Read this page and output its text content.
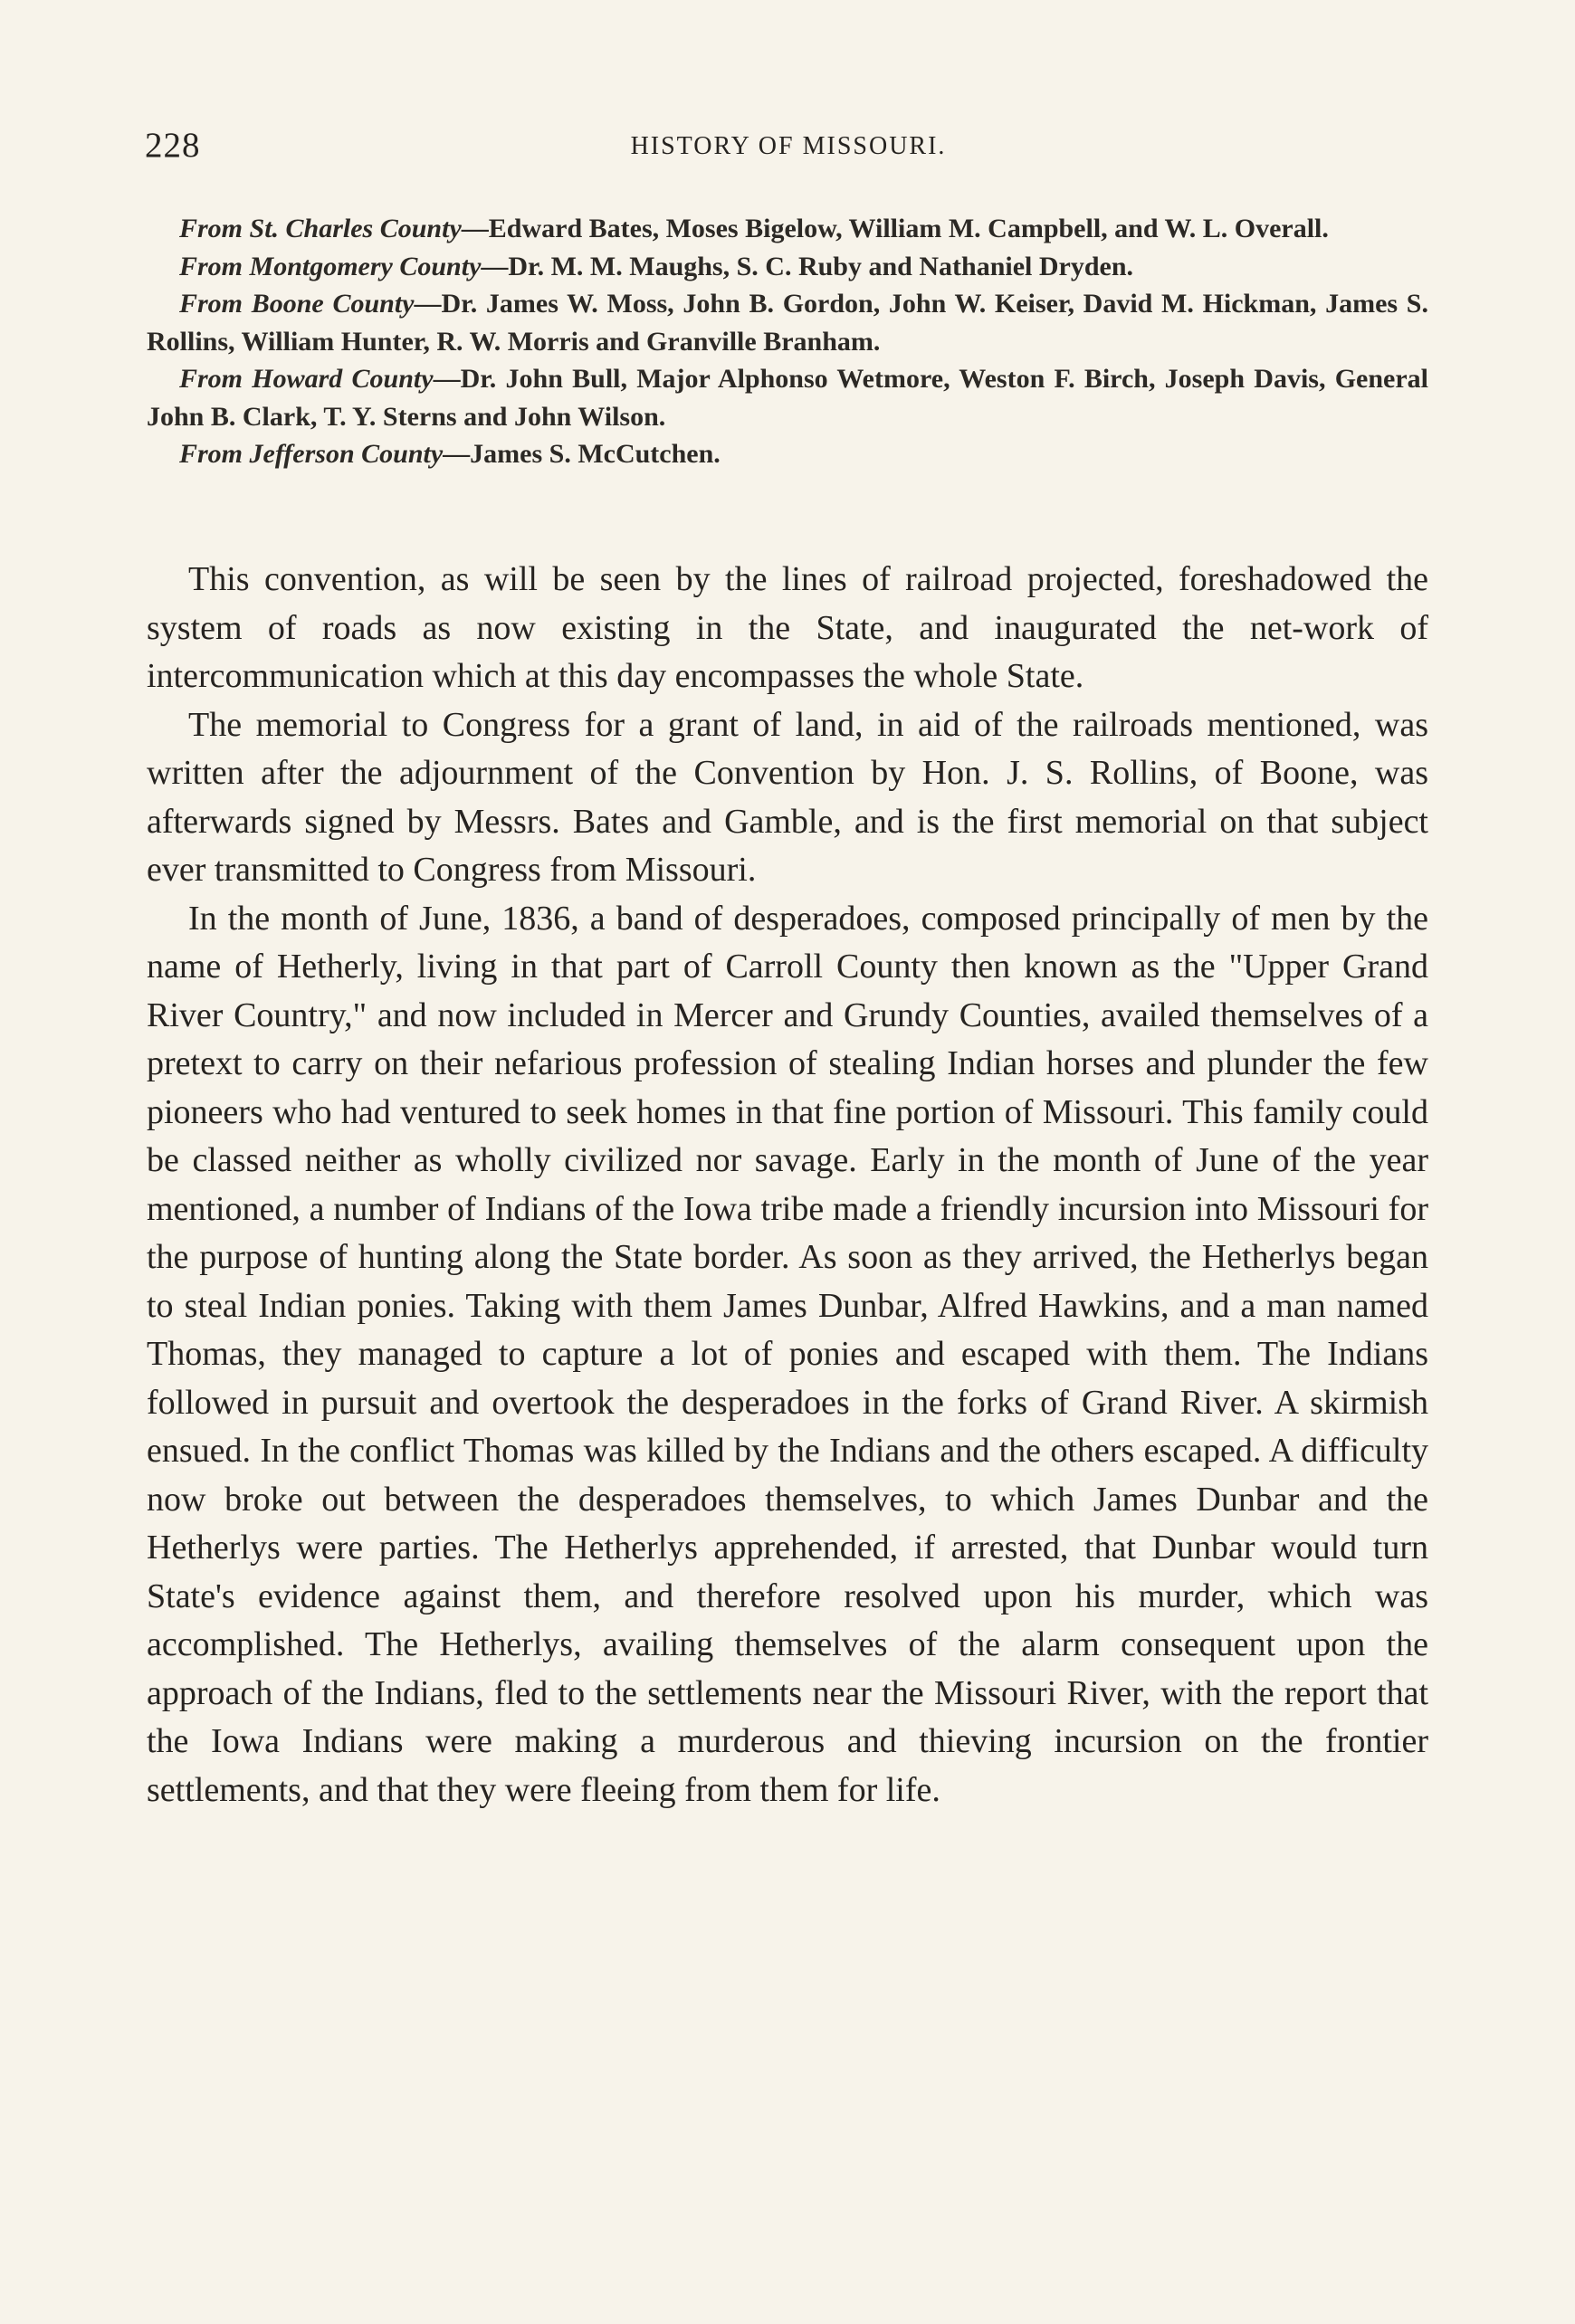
228	HISTORY OF MISSOURI.

From St. Charles County—Edward Bates, Moses Bigelow, William M. Campbell, and W. L. Overall.

From Montgomery County—Dr. M. M. Maughs, S. C. Ruby and Nathaniel Dryden.

From Boone County—Dr. James W. Moss, John B. Gordon, John W. Keiser, David M. Hickman, James S. Rollins, William Hunter, R. W. Morris and Granville Branham.

From Howard County—Dr. John Bull, Major Alphonso Wetmore, Weston F. Birch, Joseph Davis, General John B. Clark, T. Y. Sterns and John Wilson.

From Jefferson County—James S. McCutchen.

This convention, as will be seen by the lines of railroad projected, foreshadowed the system of roads as now existing in the State, and inaugurated the net-work of intercommunication which at this day encompasses the whole State.

The memorial to Congress for a grant of land, in aid of the railroads mentioned, was written after the adjournment of the Convention by Hon. J. S. Rollins, of Boone, was afterwards signed by Messrs. Bates and Gamble, and is the first memorial on that subject ever transmitted to Congress from Missouri.

In the month of June, 1836, a band of desperadoes, composed principally of men by the name of Hetherly, living in that part of Carroll County then known as the "Upper Grand River Country," and now included in Mercer and Grundy Counties, availed themselves of a pretext to carry on their nefarious profession of stealing Indian horses and plunder the few pioneers who had ventured to seek homes in that fine portion of Missouri. This family could be classed neither as wholly civilized nor savage. Early in the month of June of the year mentioned, a number of Indians of the Iowa tribe made a friendly incursion into Missouri for the purpose of hunting along the State border. As soon as they arrived, the Hetherlys began to steal Indian ponies. Taking with them James Dunbar, Alfred Hawkins, and a man named Thomas, they managed to capture a lot of ponies and escaped with them. The Indians followed in pursuit and overtook the desperadoes in the forks of Grand River. A skirmish ensued. In the conflict Thomas was killed by the Indians and the others escaped. A difficulty now broke out between the desperadoes themselves, to which James Dunbar and the Hetherlys were parties. The Hetherlys apprehended, if arrested, that Dunbar would turn State's evidence against them, and therefore resolved upon his murder, which was accomplished. The Hetherlys, availing themselves of the alarm consequent upon the approach of the Indians, fled to the settlements near the Missouri River, with the report that the Iowa Indians were making a murderous and thieving incursion on the frontier settlements, and that they were fleeing from them for life.
